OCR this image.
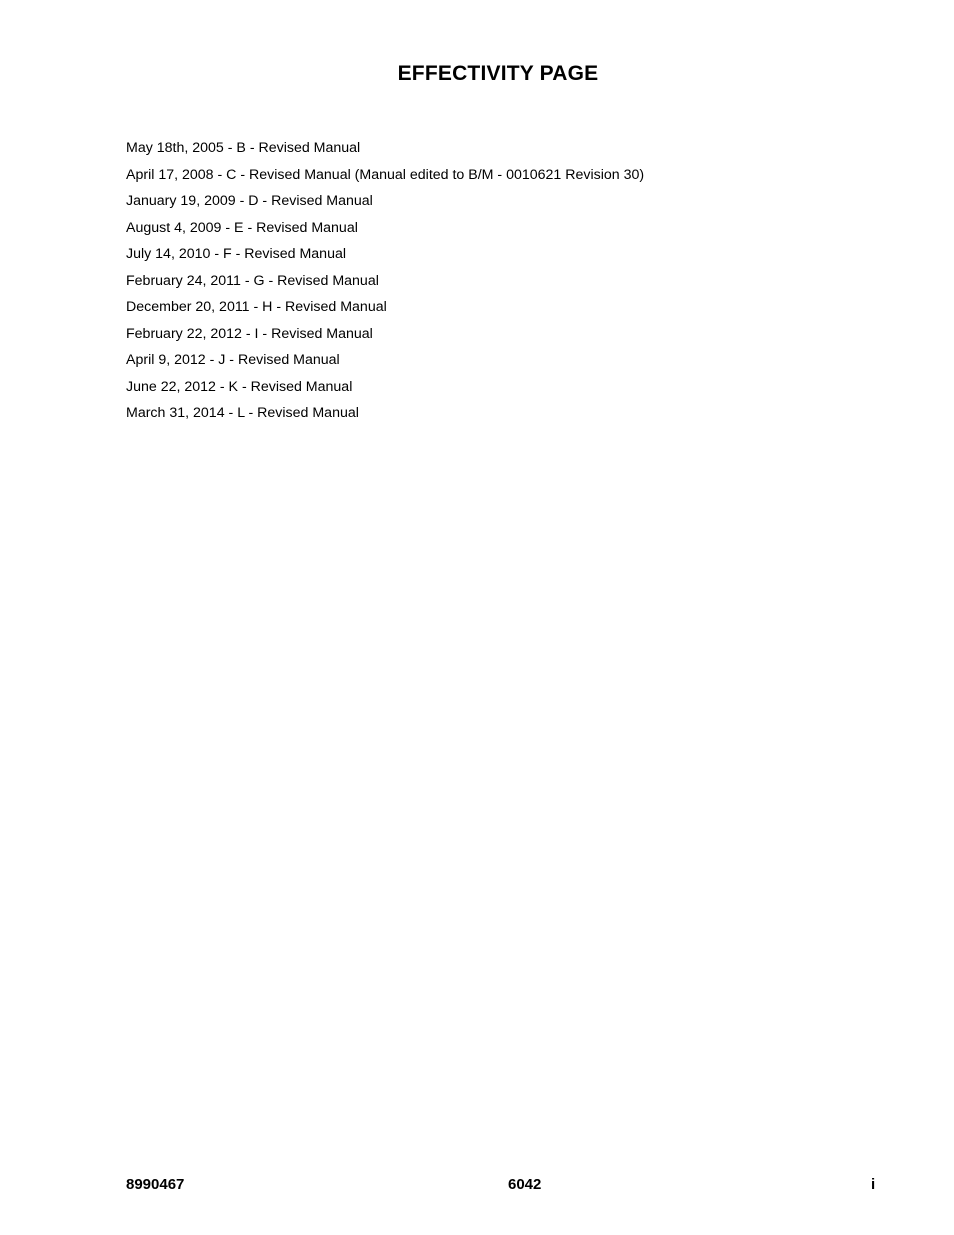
EFFECTIVITY PAGE
May 18th, 2005 - B - Revised Manual
April 17, 2008 - C - Revised Manual (Manual edited to B/M - 0010621 Revision 30)
January 19, 2009 - D - Revised Manual
August 4, 2009 - E - Revised Manual
July 14, 2010 - F - Revised Manual
February 24, 2011 - G - Revised Manual
December 20, 2011 - H - Revised Manual
February 22, 2012 - I - Revised Manual
April 9, 2012 - J - Revised Manual
June 22, 2012 - K - Revised Manual
March 31, 2014 - L - Revised Manual
8990467	6042	i
